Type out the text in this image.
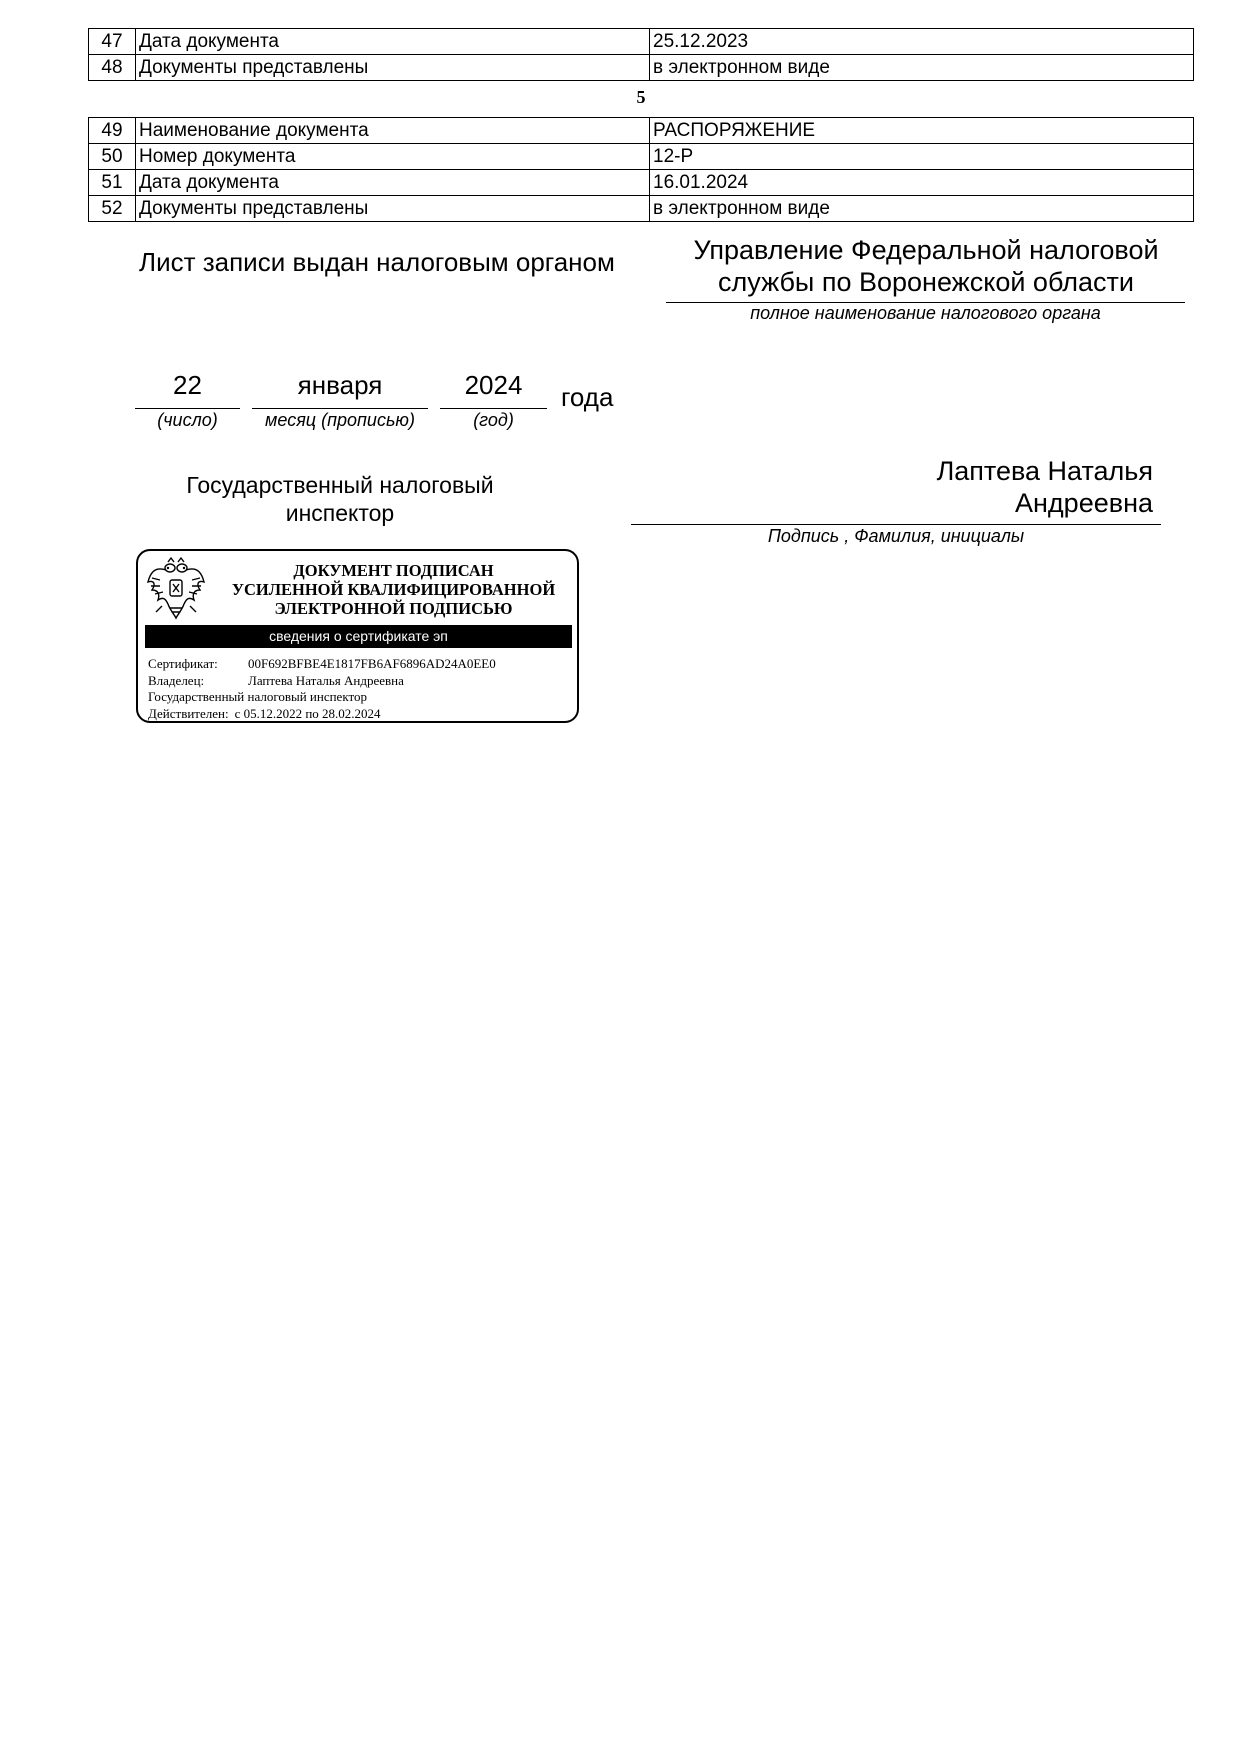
47	Дата документа	25.12.2023
48	Документы представлены	в электронном виде
5
49	Наименование документа	РАСПОРЯЖЕНИЕ
50	Номер документа	12-Р
51	Дата документа	16.01.2024
52	Документы представлены	в электронном виде
Лист записи выдан налоговым органом	Управление Федеральной налоговой
службы по Воронежской области
полное наименование налогового органа
22
(число)
января
месяц (прописью)
2024
(год)
года
Государственный налоговый
инспектор
Лаптева Наталья
Андреевна
Подпись , Фамилия, инициалы
ДОКУМЕНТ ПОДПИСАН
УСИЛЕННОЙ КВАЛИФИЦИРОВАННОЙ
ЭЛЕКТРОННОЙ ПОДПИСЬЮ
сведения о сертификате эп
Сертификат:	00F692BFBE4E1817FB6AF6896AD24A0EE0
Владелец:	Лаптева Наталья Андреевна
Государственный налоговый инспектор
Действителен: с 05.12.2022 по 28.02.2024
